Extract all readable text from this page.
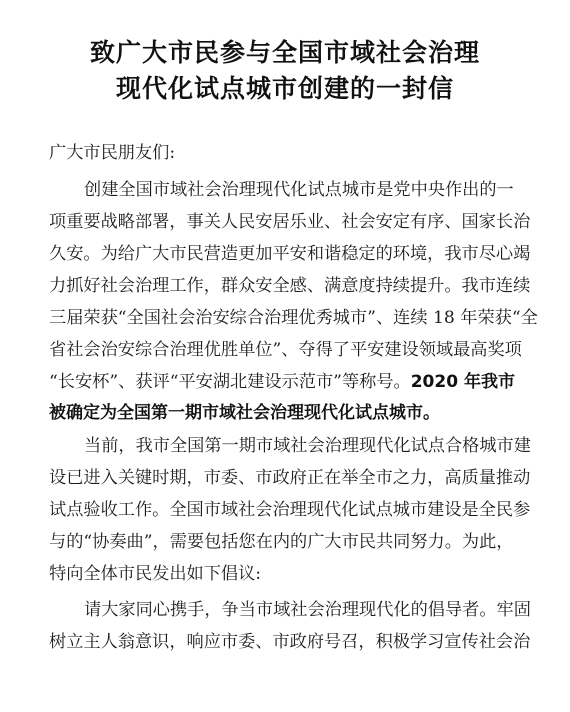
致广大市民参与全国市域社会治理
现代化试点城市创建的一封信
广大市民朋友们:
创建全国市域社会治理现代化试点城市是党中央作出的一
项重要战略部署，事关人民安居乐业、社会安定有序、国家长治
久安。为给广大市民营造更加平安和谐稳定的环境，我市尽心竭
力抓好社会治理工作，群众安全感、满意度持续提升。我市连续
三届荣获“全国社会治安综合治理优秀城市”、连续 18 年荣获“全
省社会治安综合治理优胜单位”、夺得了平安建设领域最高奖项
“长安杯”、获评“平安湖北建设示范市”等称号。2020 年我市
被确定为全国第一期市域社会治理现代化试点城市。
当前，我市全国第一期市域社会治理现代化试点合格城市建
设已进入关键时期，市委、市政府正在举全市之力，高质量推动
试点验收工作。全国市域社会治理现代化试点城市建设是全民参
与的“协奏曲”，需要包括您在内的广大市民共同努力。为此，
特向全体市民发出如下倡议:
请大家同心携手，争当市域社会治理现代化的倡导者。牢固
树立主人翁意识，响应市委、市政府号召，积极学习宣传社会治
